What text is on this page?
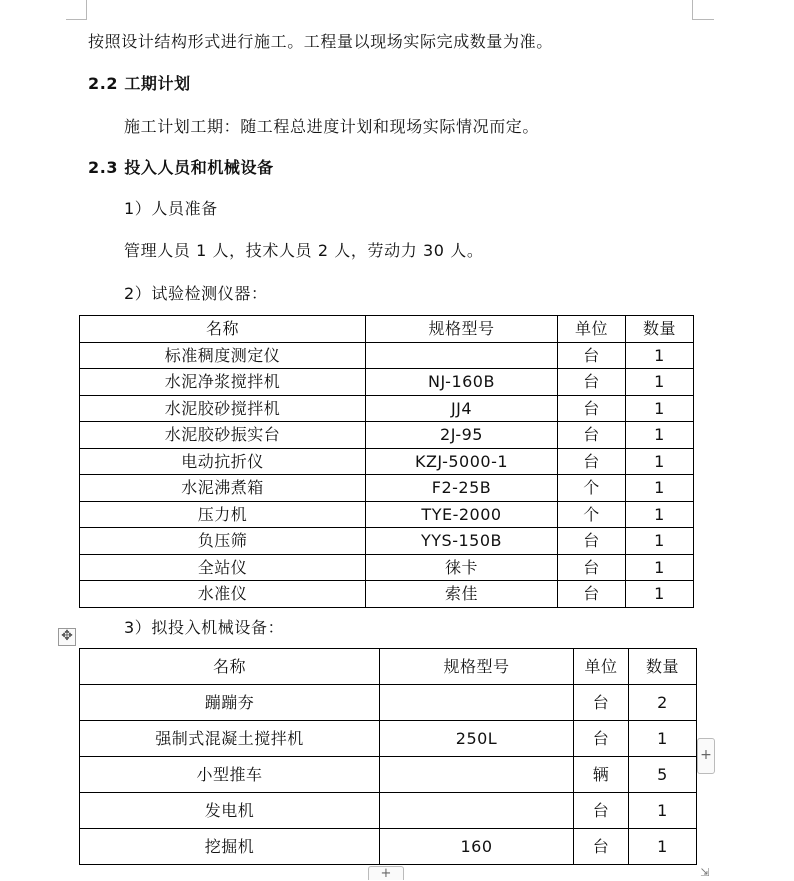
按照设计结构形式进行施工。工程量以现场实际完成数量为准。
2.2 工期计划
施工计划工期：随工程总进度计划和现场实际情况而定。
2.3 投入人员和机械设备
1）人员准备
管理人员 1 人，技术人员 2 人，劳动力 30 人。
2）试验检测仪器：
名称	规格型号	单位	数量
标准稠度测定仪		台	1
水泥净浆搅拌机	NJ-160B	台	1
水泥胶砂搅拌机	JJ4	台	1
水泥胶砂振实台	2J-95	台	1
电动抗折仪	KZJ-5000-1	台	1
水泥沸煮箱	F2-25B	个	1
压力机	TYE-2000	个	1
负压筛	YYS-150B	台	1
全站仪	徕卡	台	1
水准仪	索佳	台	1
3）拟投入机械设备：
✥
名称	规格型号	单位	数量
蹦蹦夯		台	2
强制式混凝土搅拌机	250L	台	1
小型推车		辆	5
发电机		台	1
挖掘机	160	台	1
+
+	⇲
